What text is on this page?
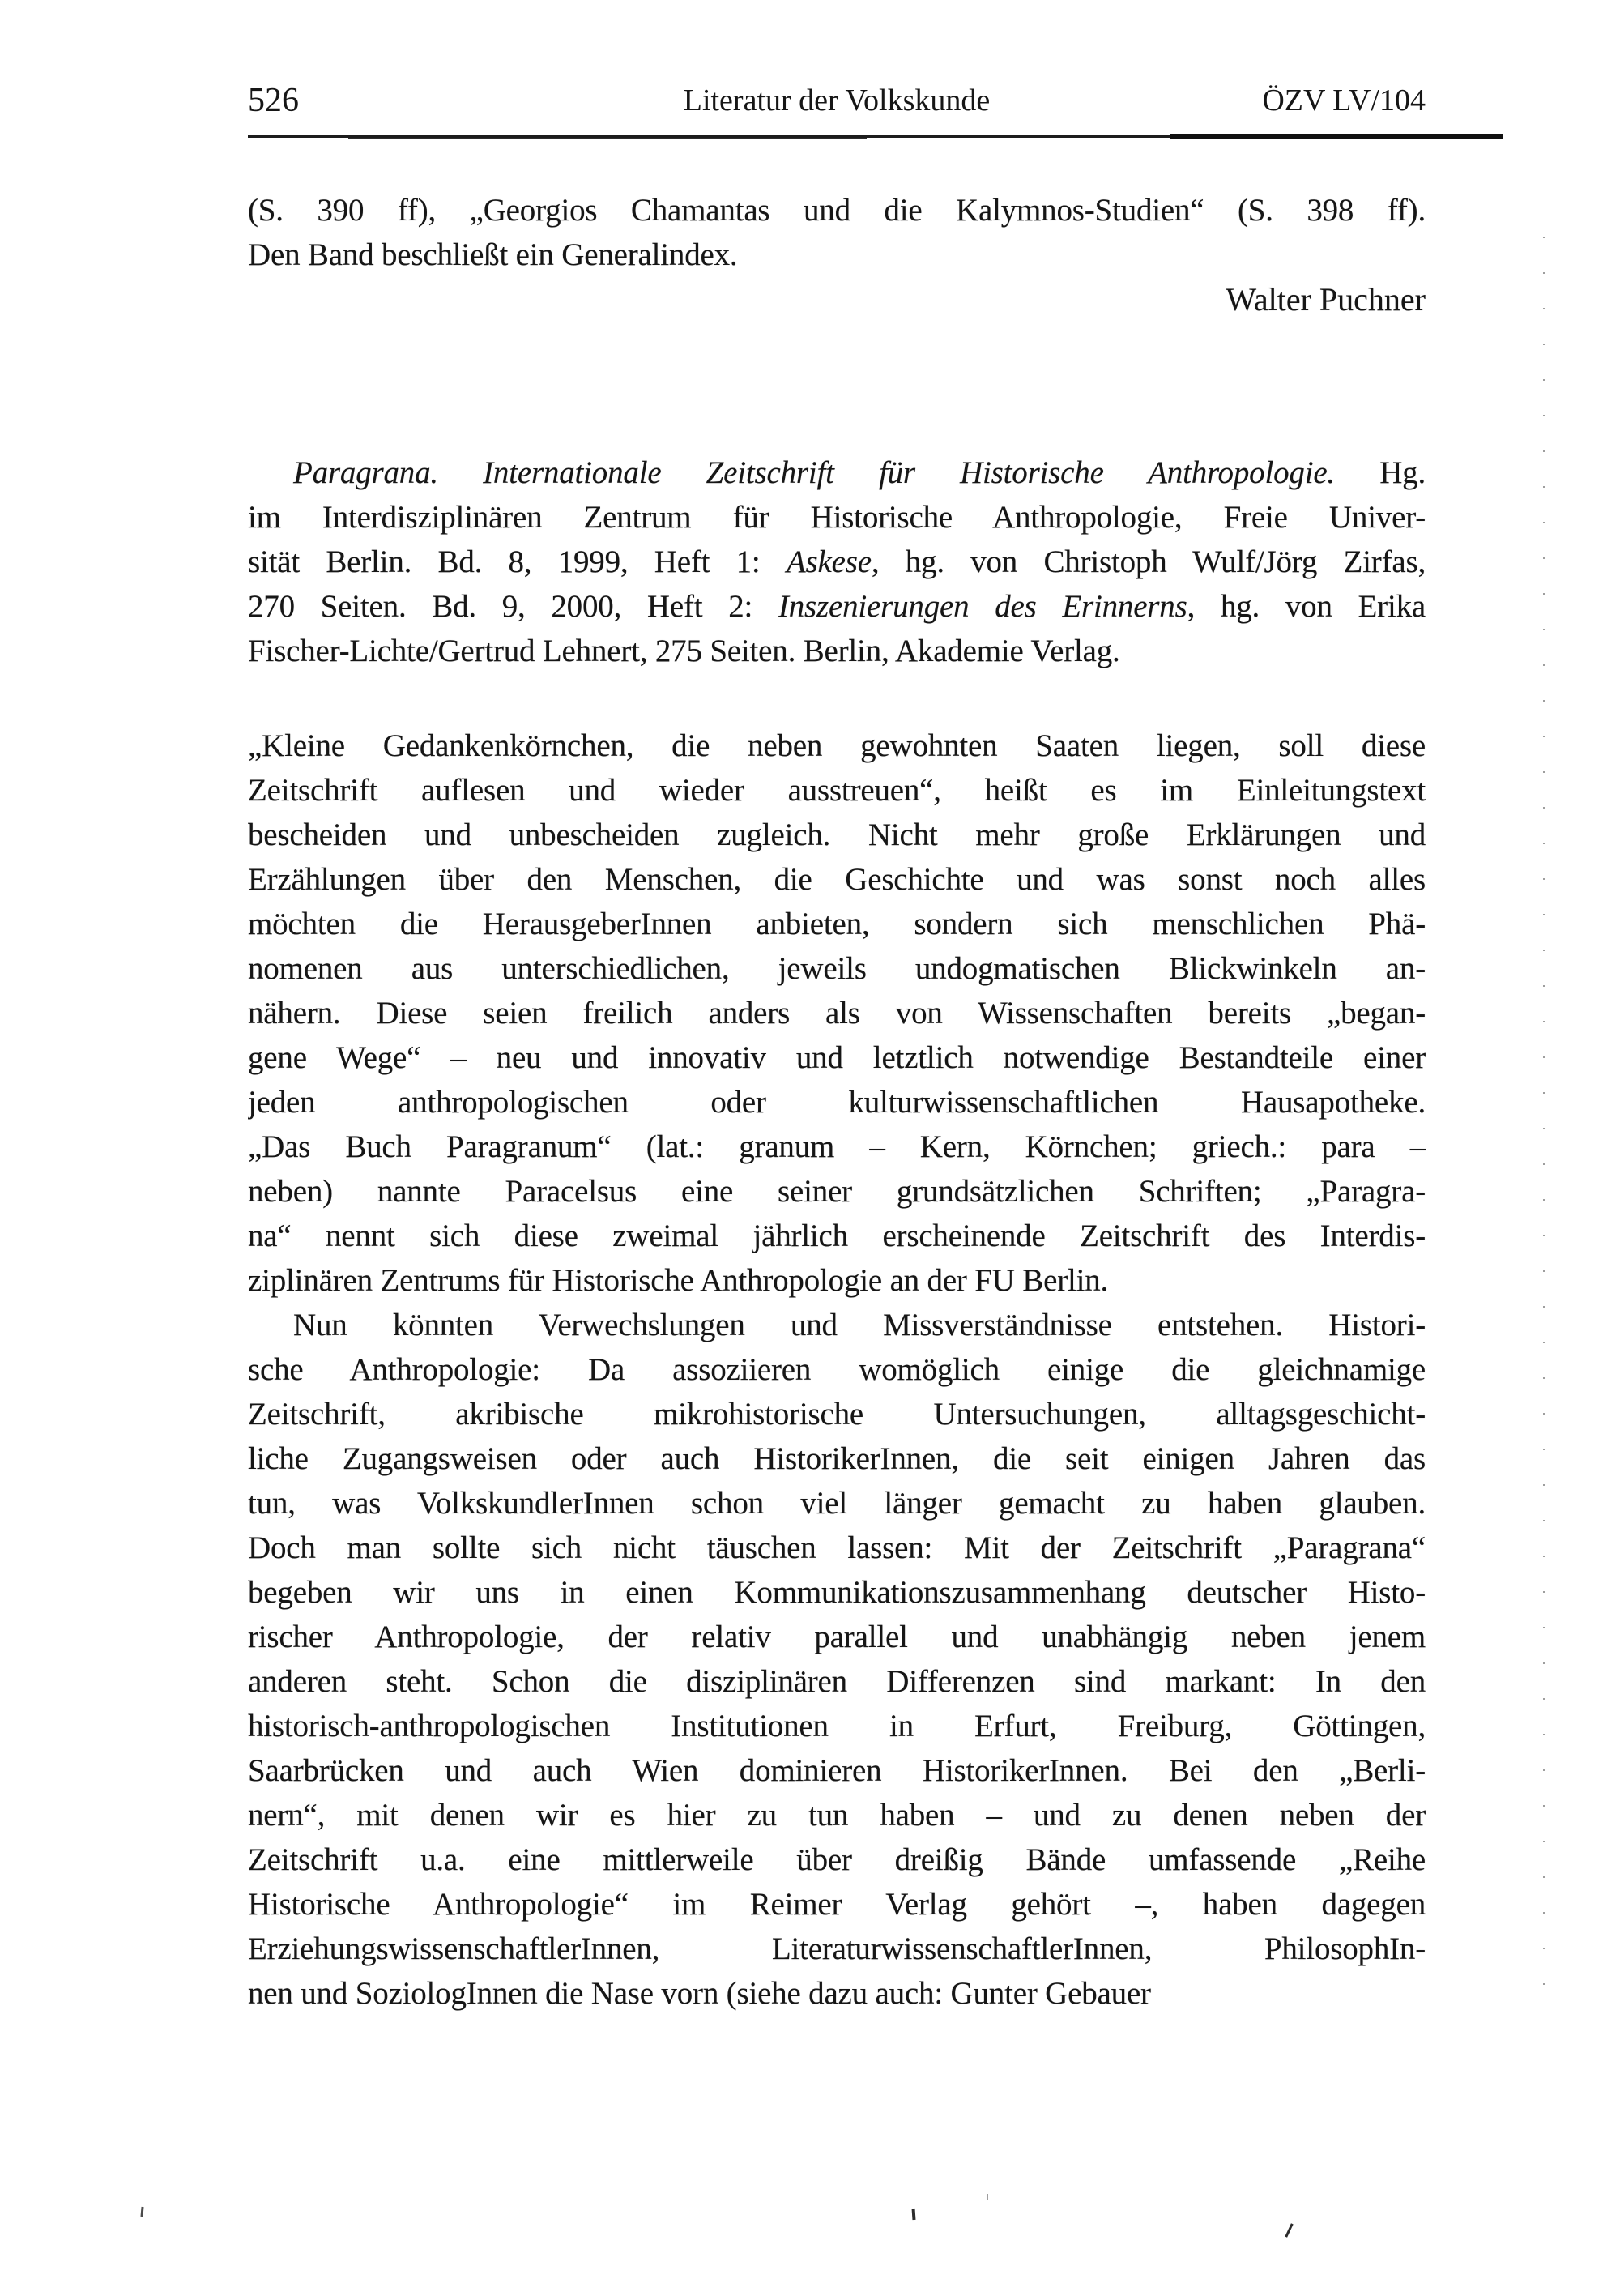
526	Literatur der Volkskunde	ÖZV LV/104
(S. 390 ff), „Georgios Chamantas und die Kalymnos-Studien“ (S. 398 ff).
Den Band beschließt ein Generalindex.
Walter Puchner
Paragrana. Internationale Zeitschrift für Historische Anthropologie. Hg.
im Interdisziplinären Zentrum für Historische Anthropologie, Freie Univer-
sität Berlin. Bd. 8, 1999, Heft 1: Askese, hg. von Christoph Wulf/Jörg Zirfas,
270 Seiten. Bd. 9, 2000, Heft 2: Inszenierungen des Erinnerns, hg. von Erika
Fischer-Lichte/Gertrud Lehnert, 275 Seiten. Berlin, Akademie Verlag.
„Kleine Gedankenkörnchen, die neben gewohnten Saaten liegen, soll diese
Zeitschrift auflesen und wieder ausstreuen“, heißt es im Einleitungstext
bescheiden und unbescheiden zugleich. Nicht mehr große Erklärungen und
Erzählungen über den Menschen, die Geschichte und was sonst noch alles
möchten die HerausgeberInnen anbieten, sondern sich menschlichen Phä-
nomenen aus unterschiedlichen, jeweils undogmatischen Blickwinkeln an-
nähern. Diese seien freilich anders als von Wissenschaften bereits „began-
gene Wege“ – neu und innovativ und letztlich notwendige Bestandteile einer
jeden anthropologischen oder kulturwissenschaftlichen Hausapotheke.
„Das Buch Paragranum“ (lat.: granum – Kern, Körnchen; griech.: para –
neben) nannte Paracelsus eine seiner grundsätzlichen Schriften; „Paragra-
na“ nennt sich diese zweimal jährlich erscheinende Zeitschrift des Interdis-
ziplinären Zentrums für Historische Anthropologie an der FU Berlin.
Nun könnten Verwechslungen und Missverständnisse entstehen. Histori-
sche Anthropologie: Da assoziieren womöglich einige die gleichnamige
Zeitschrift, akribische mikrohistorische Untersuchungen, alltagsgeschicht-
liche Zugangsweisen oder auch HistorikerInnen, die seit einigen Jahren das
tun, was VolkskundlerInnen schon viel länger gemacht zu haben glauben.
Doch man sollte sich nicht täuschen lassen: Mit der Zeitschrift „Paragrana“
begeben wir uns in einen Kommunikationszusammenhang deutscher Histo-
rischer Anthropologie, der relativ parallel und unabhängig neben jenem
anderen steht. Schon die disziplinären Differenzen sind markant: In den
historisch-anthropologischen Institutionen in Erfurt, Freiburg, Göttingen,
Saarbrücken und auch Wien dominieren HistorikerInnen. Bei den „Berli-
nern“, mit denen wir es hier zu tun haben – und zu denen neben der
Zeitschrift u.a. eine mittlerweile über dreißig Bände umfassende „Reihe
Historische Anthropologie“ im Reimer Verlag gehört –, haben dagegen
ErziehungswissenschaftlerInnen, LiteraturwissenschaftlerInnen, PhilosophIn-
nen und SoziologInnen die Nase vorn (siehe dazu auch: Gunter Gebauer
